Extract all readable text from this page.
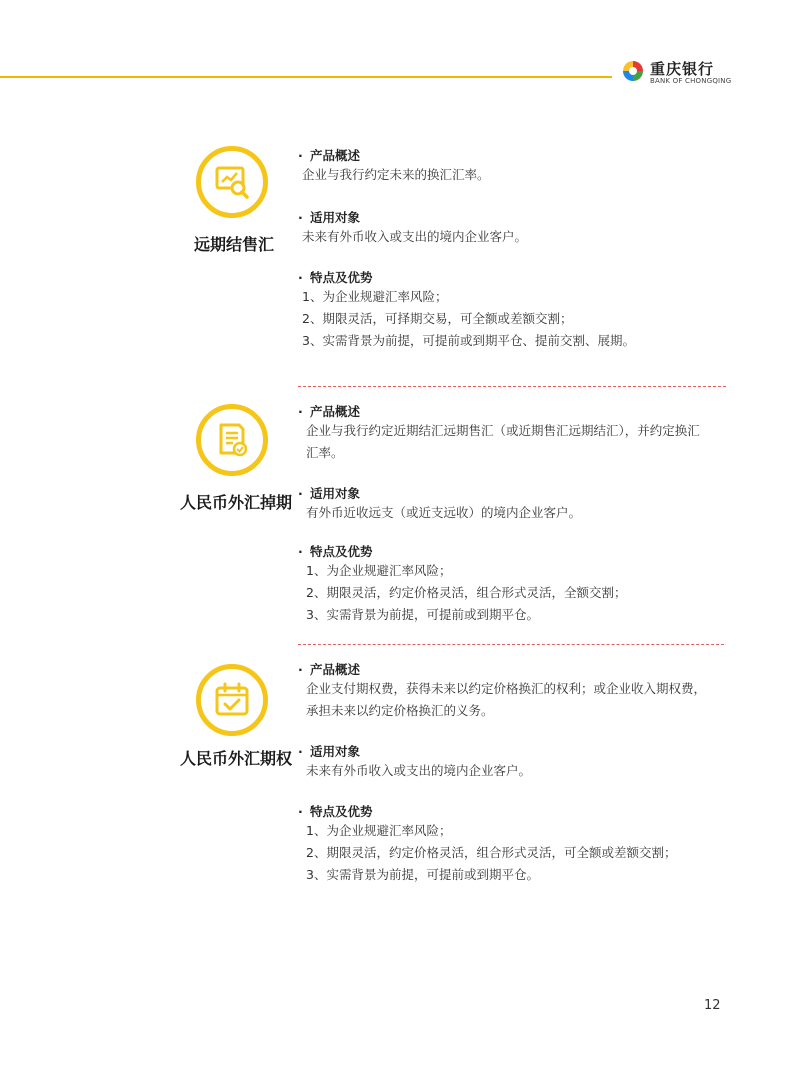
重庆银行
BANK OF CHONGQING
远期结售汇
· 产品概述
企业与我行约定未来的换汇汇率。
· 适用对象
未来有外币收入或支出的境内企业客户。
· 特点及优势
1、为企业规避汇率风险；
2、期限灵活，可择期交易，可全额或差额交割；
3、实需背景为前提，可提前或到期平仓、提前交割、展期。
人民币外汇掉期
· 产品概述
企业与我行约定近期结汇远期售汇（或近期售汇远期结汇），并约定换汇
汇率。
· 适用对象
有外币近收远支（或近支远收）的境内企业客户。
· 特点及优势
1、为企业规避汇率风险；
2、期限灵活，约定价格灵活，组合形式灵活，全额交割；
3、实需背景为前提，可提前或到期平仓。
人民币外汇期权
· 产品概述
企业支付期权费，获得未来以约定价格换汇的权利；或企业收入期权费，
承担未来以约定价格换汇的义务。
· 适用对象
未来有外币收入或支出的境内企业客户。
· 特点及优势
1、为企业规避汇率风险；
2、期限灵活，约定价格灵活，组合形式灵活，可全额或差额交割；
3、实需背景为前提，可提前或到期平仓。
12
